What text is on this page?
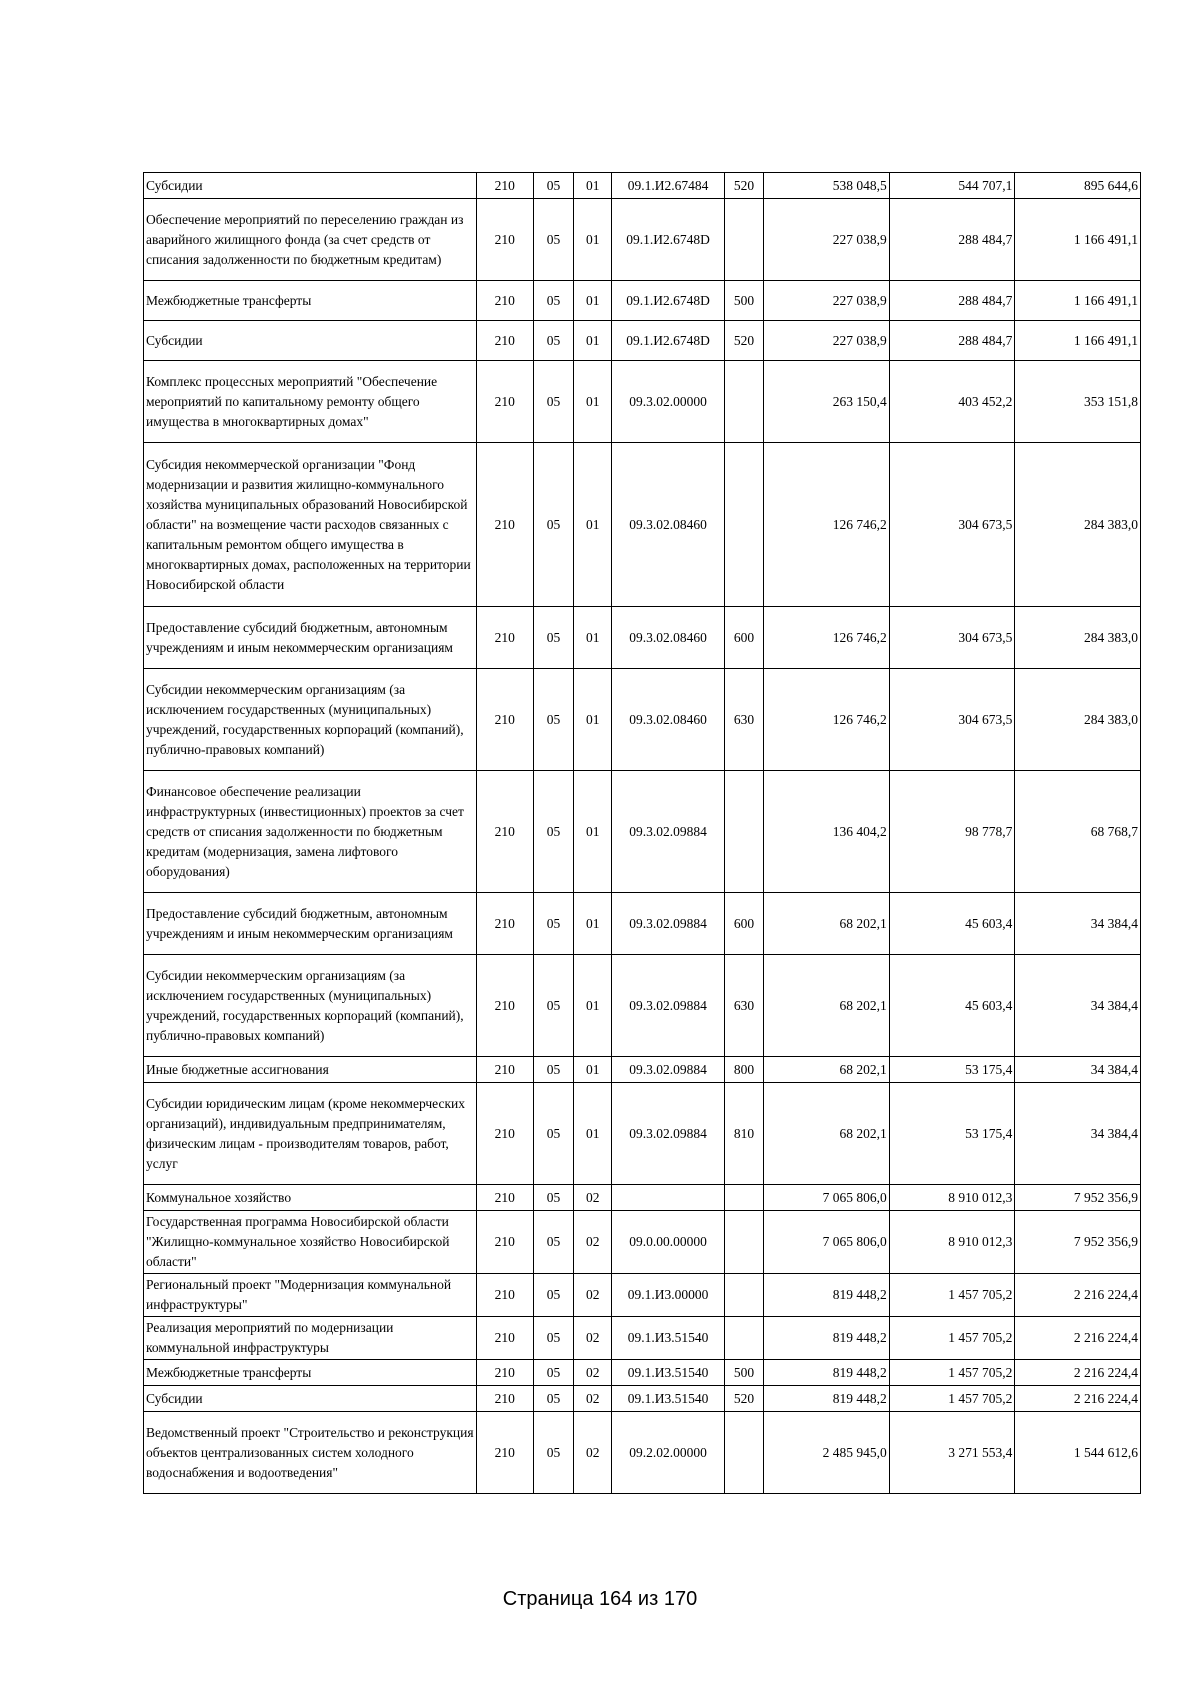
Субсидии	210	05	01	09.1.И2.67484	520	538 048,5	544 707,1	895 644,6
Обеспечение мероприятий по переселению граждан из аварийного жилищного фонда (за счет средств от списания задолженности по бюджетным кредитам)	210	05	01	09.1.И2.6748D		227 038,9	288 484,7	1 166 491,1
Межбюджетные трансферты	210	05	01	09.1.И2.6748D	500	227 038,9	288 484,7	1 166 491,1
Субсидии	210	05	01	09.1.И2.6748D	520	227 038,9	288 484,7	1 166 491,1
Комплекс процессных мероприятий "Обеспечение мероприятий по капитальному ремонту общего имущества в многоквартирных домах"	210	05	01	09.3.02.00000		263 150,4	403 452,2	353 151,8
Субсидия некоммерческой организации "Фонд модернизации и развития жилищно-коммунального хозяйства муниципальных образований Новосибирской области" на возмещение части расходов связанных с капитальным ремонтом общего имущества в многоквартирных домах, расположенных на территории Новосибирской области	210	05	01	09.3.02.08460		126 746,2	304 673,5	284 383,0
Предоставление субсидий бюджетным, автономным учреждениям и иным некоммерческим организациям	210	05	01	09.3.02.08460	600	126 746,2	304 673,5	284 383,0
Субсидии некоммерческим организациям (за исключением государственных (муниципальных) учреждений, государственных корпораций (компаний), публично-правовых компаний)	210	05	01	09.3.02.08460	630	126 746,2	304 673,5	284 383,0
Финансовое обеспечение реализации инфраструктурных (инвестиционных) проектов за счет средств от списания задолженности по бюджетным кредитам (модернизация, замена лифтового оборудования)	210	05	01	09.3.02.09884		136 404,2	98 778,7	68 768,7
Предоставление субсидий бюджетным, автономным учреждениям и иным некоммерческим организациям	210	05	01	09.3.02.09884	600	68 202,1	45 603,4	34 384,4
Субсидии некоммерческим организациям (за исключением государственных (муниципальных) учреждений, государственных корпораций (компаний), публично-правовых компаний)	210	05	01	09.3.02.09884	630	68 202,1	45 603,4	34 384,4
Иные бюджетные ассигнования	210	05	01	09.3.02.09884	800	68 202,1	53 175,4	34 384,4
Субсидии юридическим лицам (кроме некоммерческих организаций), индивидуальным предпринимателям, физическим лицам - производителям товаров, работ, услуг	210	05	01	09.3.02.09884	810	68 202,1	53 175,4	34 384,4
Коммунальное хозяйство	210	05	02			7 065 806,0	8 910 012,3	7 952 356,9
Государственная программа Новосибирской области "Жилищно-коммунальное хозяйство Новосибирской области"	210	05	02	09.0.00.00000		7 065 806,0	8 910 012,3	7 952 356,9
Региональный проект "Модернизация коммунальной инфраструктуры"	210	05	02	09.1.И3.00000		819 448,2	1 457 705,2	2 216 224,4
Реализация мероприятий по модернизации коммунальной инфраструктуры	210	05	02	09.1.И3.51540		819 448,2	1 457 705,2	2 216 224,4
Межбюджетные трансферты	210	05	02	09.1.И3.51540	500	819 448,2	1 457 705,2	2 216 224,4
Субсидии	210	05	02	09.1.И3.51540	520	819 448,2	1 457 705,2	2 216 224,4
Ведомственный проект "Строительство и реконструкция объектов централизованных систем холодного водоснабжения и водоотведения"	210	05	02	09.2.02.00000		2 485 945,0	3 271 553,4	1 544 612,6
Страница 164 из 170
